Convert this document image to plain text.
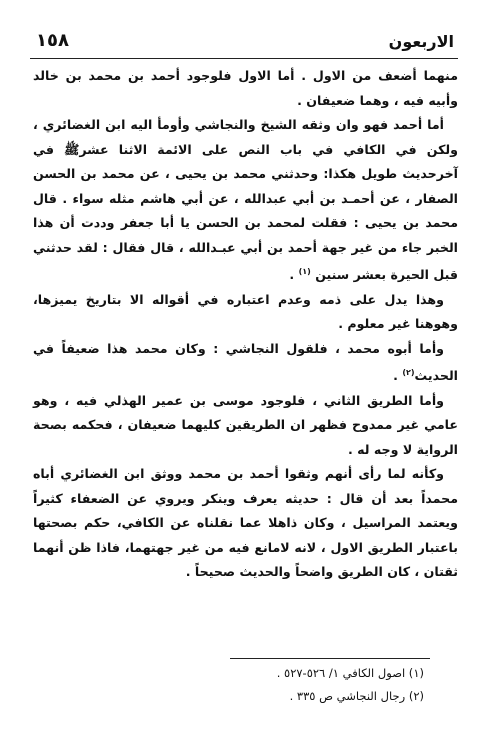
الاربعون
١٥٨

منهما أضعف من الاول . أما الاول فلوجود أحمد بن محمد بن خالد وأبيه فيه ، وهما ضعيفان .

أما أحمد فهو وان وثقه الشيخ والنجاشي وأومأ اليه ابن الغضائري ، ولكن في الكافي في باب النص على الائمة الاثنا عشرﷺ في آخرحديث طويل هكذا: وحدثني محمد بن يحيى ، عن محمد بن الحسن الصفار ، عن أحمـد بن أبي عبدالله ، عن أبي هاشم مثله سواء . قال محمد بن يحيى : فقلت لمحمد بن الحسن يا أبا جعفر وددت أن هذا الخبر جاء من غير جهة أحمد بن أبي عبـدالله ، قال فقال : لقد حدثني قبل الحيرة بعشر سنين $^{(١)}$ .

وهذا يدل على ذمه وعدم اعتباره في أقواله الا بتاريخ يميزها، وهوهنا غير معلوم .

وأما أبوه محمد ، فلقول النجاشي : وكان محمد هذا ضعيفاً في الحديث$^{(٢)}$ .

وأما الطريق الثاني ، فلوجود موسى بن عمير الهذلي فيه ، وهو عامي غير ممدوح فظهر ان الطريقين كليهما ضعيفان ، فحكمه بصحة الرواية لا وجه له .

وكأنه لما رأى أنهم وثقوا أحمد بن محمد ووثق ابن الغضائري أباه محمداً بعد أن قال : حديثه يعرف وينكر ويروي عن الضعفاء كثيراً ويعتمد المراسيل ، وكان ذاهلا عما نقلناه عن الكافي، حكم بصحتها باعتبار الطريق الاول ، لانه لامانع فيه من غير جهتهما، فاذا ظن أنهما ثقتان ، كان الطريق واضحاً والحديث صحيحاً .

(١) اصول الكافي ١/ ٥٢٦-٥٢٧ .

(٢) رجال النجاشي ص ٣٣٥ .
